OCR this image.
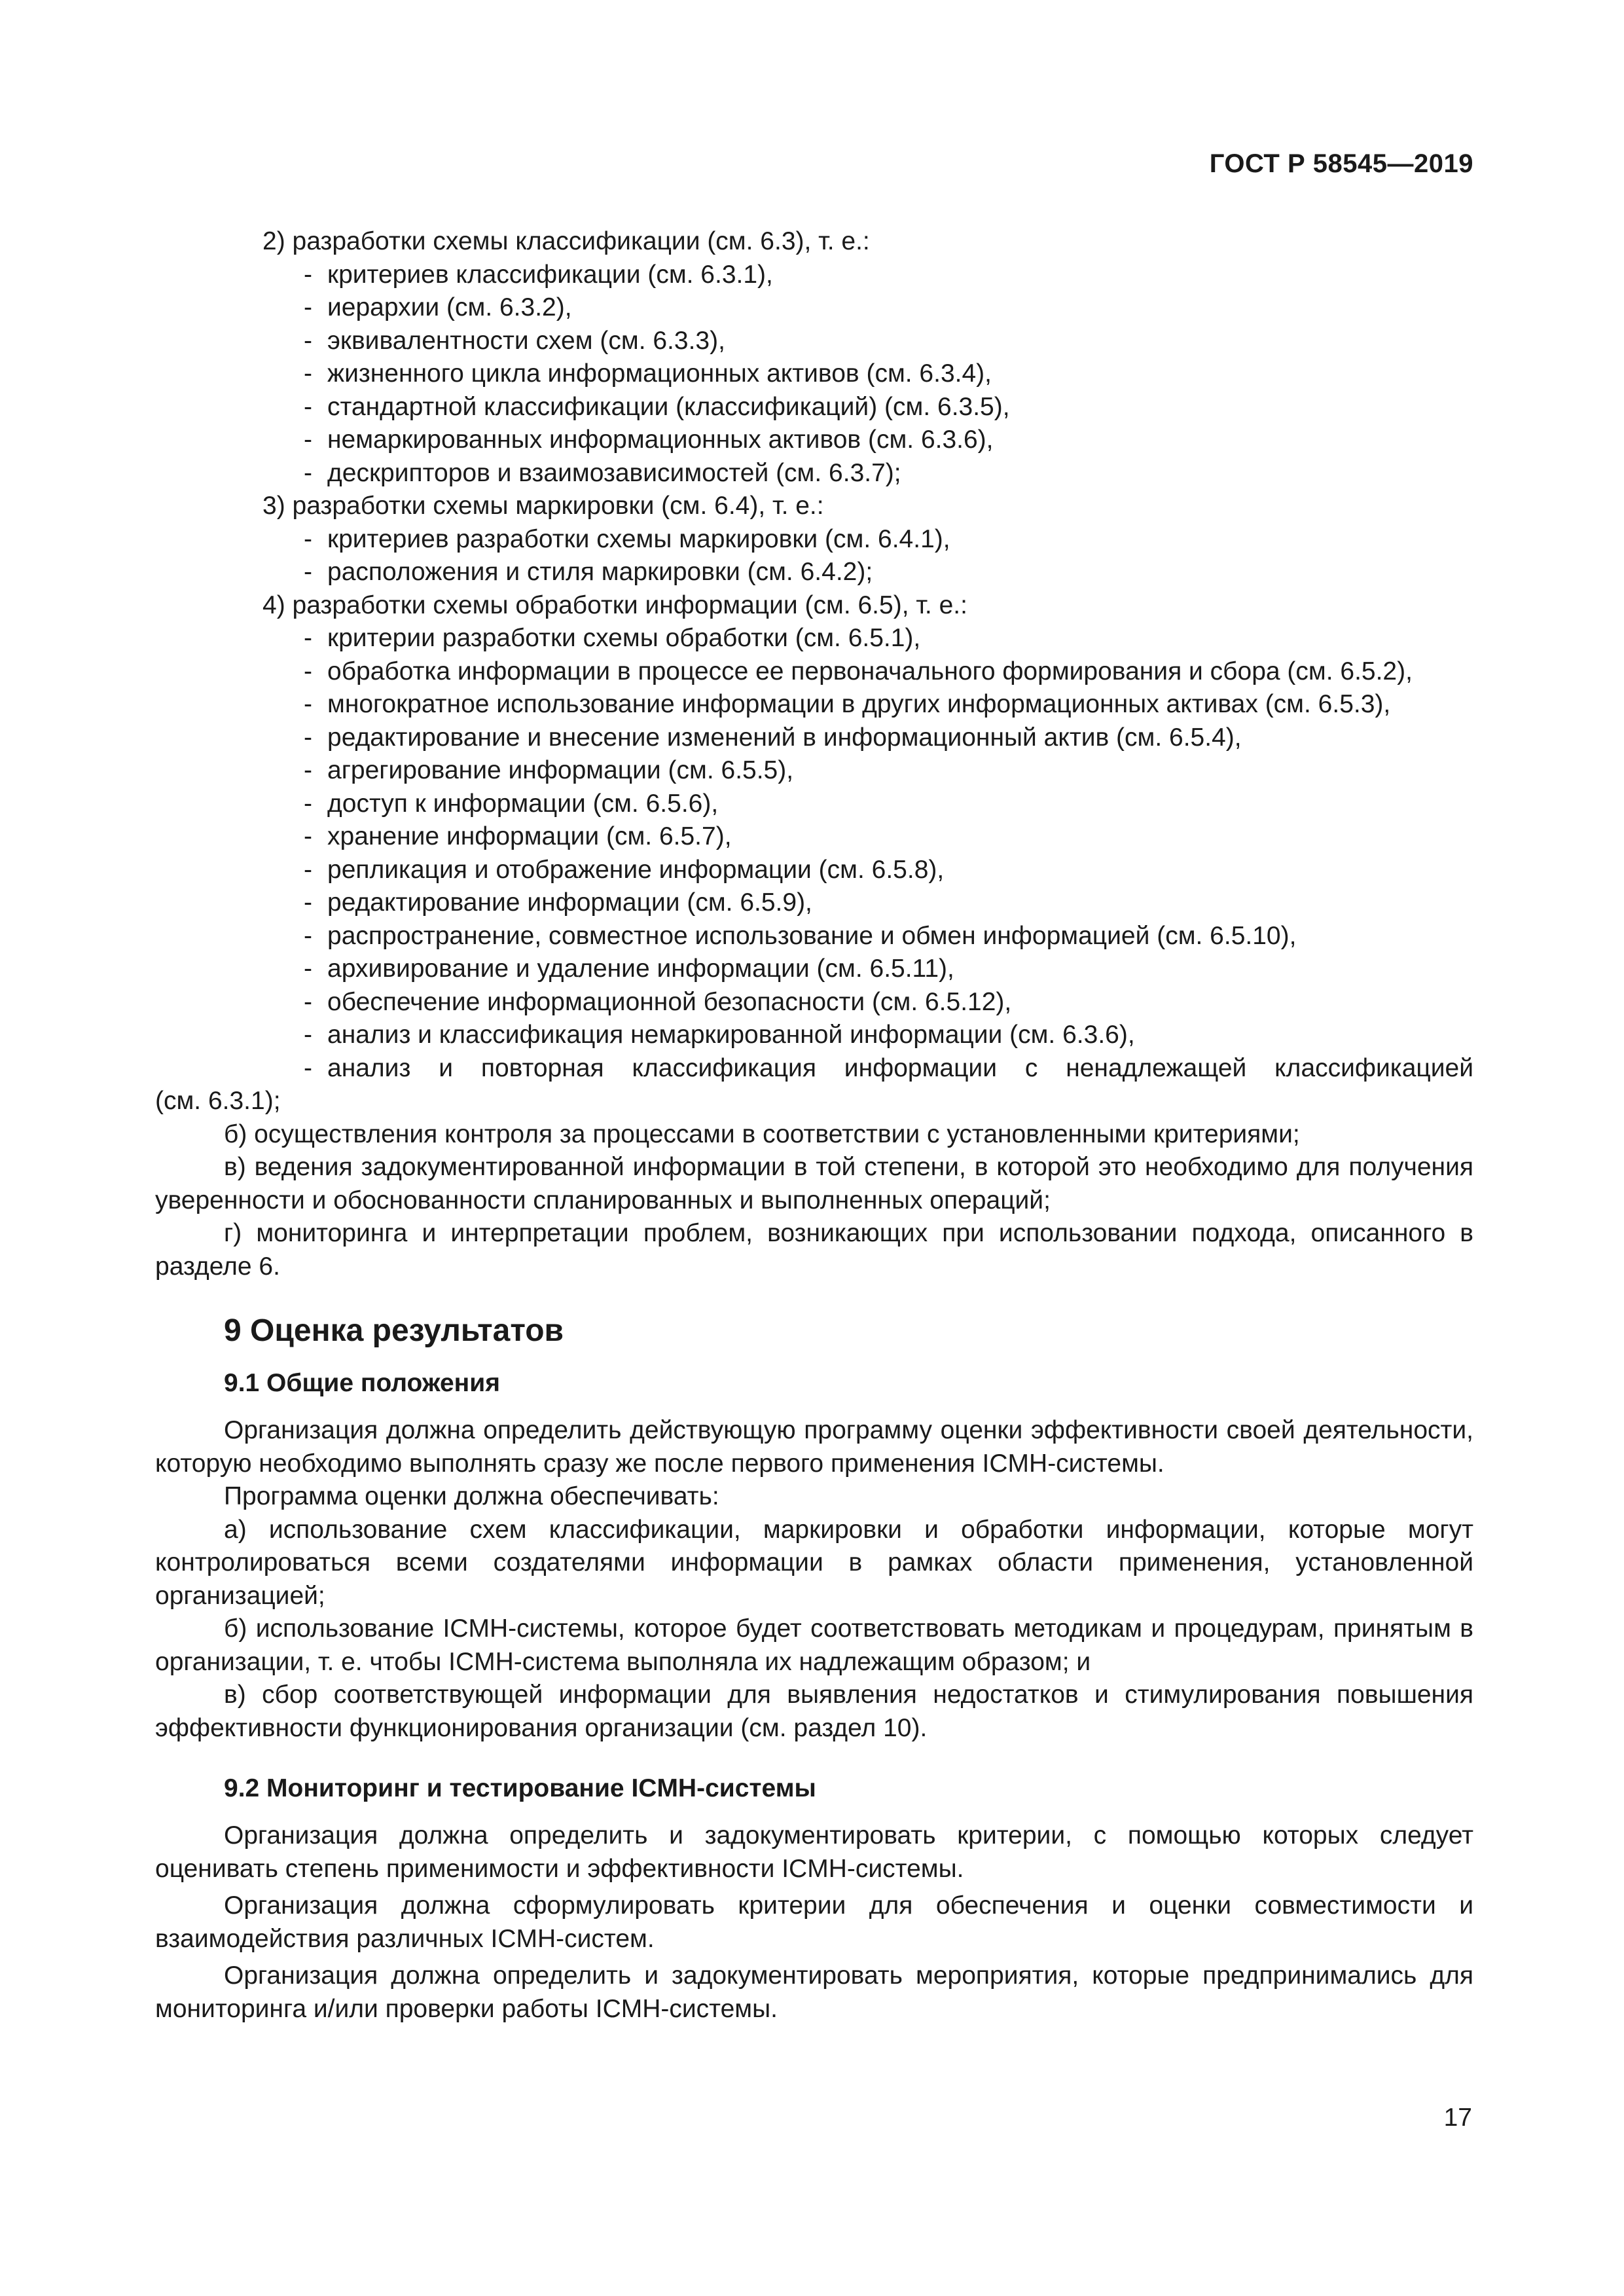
ГОСТ Р 58545—2019
2) разработки схемы классификации (см. 6.3), т. е.:
- критериев классификации (см. 6.3.1),
- иерархии (см. 6.3.2),
- эквивалентности схем (см. 6.3.3),
- жизненного цикла информационных активов (см. 6.3.4),
- стандартной классификации (классификаций) (см. 6.3.5),
- немаркированных информационных активов (см. 6.3.6),
- дескрипторов и взаимозависимостей (см. 6.3.7);
3) разработки схемы маркировки (см. 6.4), т. е.:
- критериев разработки схемы маркировки (см. 6.4.1),
- расположения и стиля маркировки (см. 6.4.2);
4) разработки схемы обработки информации (см. 6.5), т. е.:
- критерии разработки схемы обработки (см. 6.5.1),
- обработка информации в процессе ее первоначального формирования и сбора (см. 6.5.2),
- многократное использование информации в других информационных активах (см. 6.5.3),
- редактирование и внесение изменений в информационный актив (см. 6.5.4),
- агрегирование информации (см. 6.5.5),
- доступ к информации (см. 6.5.6),
- хранение информации (см. 6.5.7),
- репликация и отображение информации (см. 6.5.8),
- редактирование информации (см. 6.5.9),
- распространение, совместное использование и обмен информацией (см. 6.5.10),
- архивирование и удаление информации (см. 6.5.11),
- обеспечение информационной безопасности (см. 6.5.12),
- анализ и классификация немаркированной информации (см. 6.3.6),
- анализ и повторная классификация информации с ненадлежащей классификацией
(см. 6.3.1);
б) осуществления контроля за процессами в соответствии с установленными критериями;
в) ведения задокументированной информации в той степени, в которой это необходимо для получения уверенности и обоснованности спланированных и выполненных операций;
г) мониторинга и интерпретации проблем, возникающих при использовании подхода, описанного в разделе 6.
9 Оценка результатов
9.1 Общие положения
Организация должна определить действующую программу оценки эффективности своей деятельности, которую необходимо выполнять сразу же после первого применения ICMH-системы.
Программа оценки должна обеспечивать:
а) использование схем классификации, маркировки и обработки информации, которые могут контролироваться всеми создателями информации в рамках области применения, установленной организацией;
б) использование ICMH-системы, которое будет соответствовать методикам и процедурам, принятым в организации, т. е. чтобы ICMH-система выполняла их надлежащим образом; и
в) сбор соответствующей информации для выявления недостатков и стимулирования повышения эффективности функционирования организации (см. раздел 10).
9.2 Мониторинг и тестирование ICMH-системы
Организация должна определить и задокументировать критерии, с помощью которых следует оценивать степень применимости и эффективности ICMH-системы.
Организация должна сформулировать критерии для обеспечения и оценки совместимости и взаимодействия различных ICMH-систем.
Организация должна определить и задокументировать мероприятия, которые предпринимались для мониторинга и/или проверки работы ICMH-системы.
17
